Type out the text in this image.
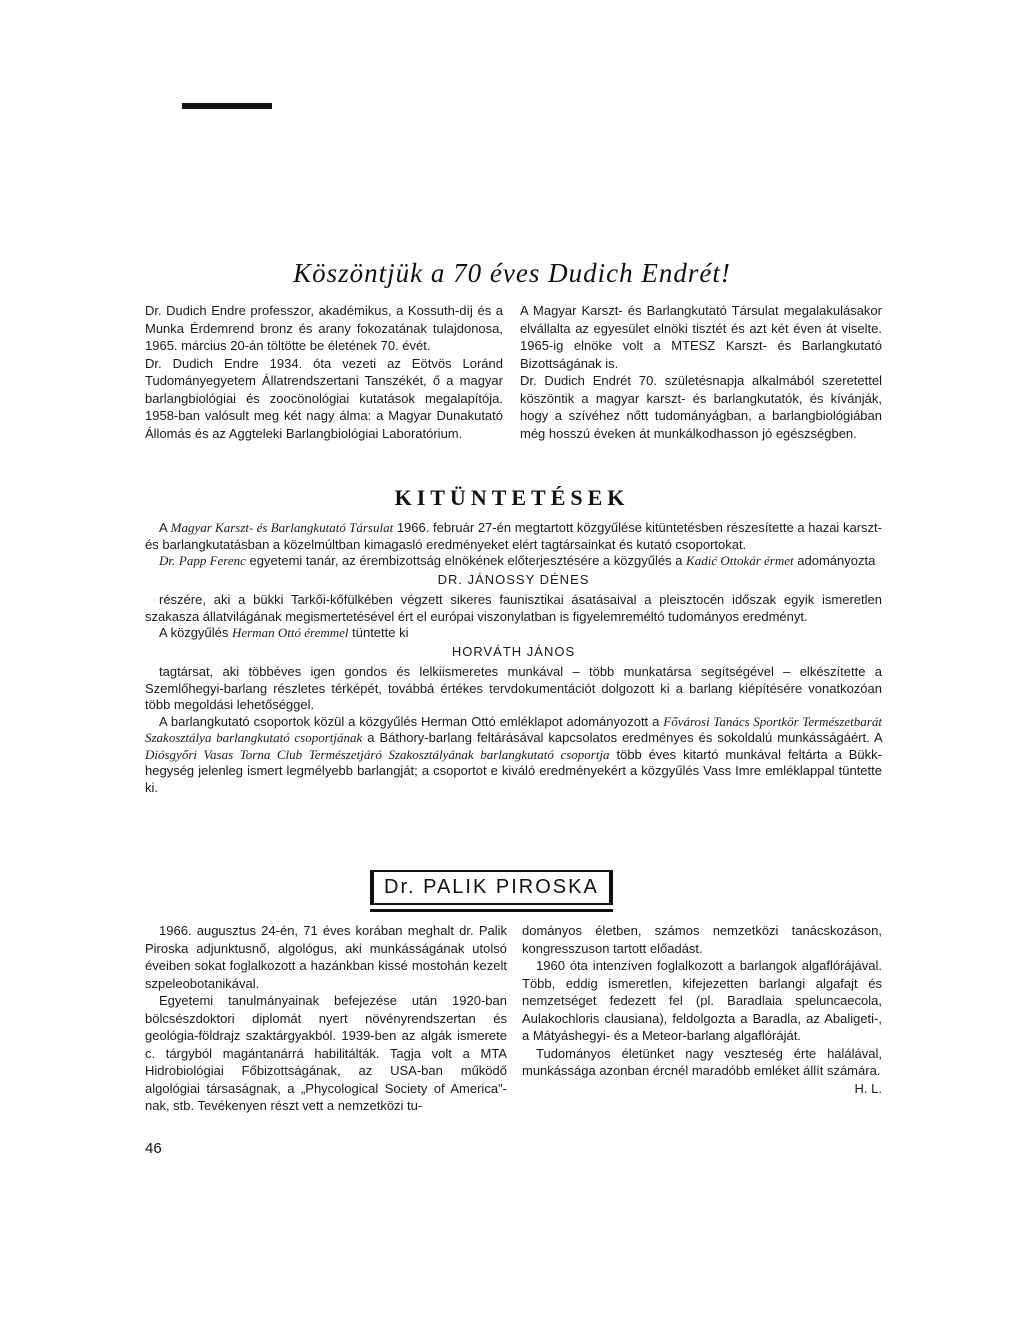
Köszöntjük a 70 éves Dudich Endrét!

Dr. Dudich Endre professzor, akadémikus, a Kossuth-díj és a Munka Érdemrend bronz és arany fokozatának tulajdonosa, 1965. március 20-án töltötte be életének 70. évét.

Dr. Dudich Endre 1934. óta vezeti az Eötvös Loránd Tudományegyetem Állatrendszertani Tanszékét, ő a magyar barlangbiológiai és zoocönológiai kutatások megalapítója. 1958-ban valósult meg két nagy álma: a Magyar Dunakutató Állomás és az Aggteleki Barlangbiológiai Laboratórium.

A Magyar Karszt- és Barlangkutató Társulat megalakulásakor elvállalta az egyesület elnöki tisztét és azt két éven át viselte. 1965-ig elnöke volt a MTESZ Karszt- és Barlangkutató Bizottságának is.

Dr. Dudich Endrét 70. születésnapja alkalmából szeretettel köszöntik a magyar karszt- és barlangkutatók, és kívánják, hogy a szívéhez nőtt tudományágban, a barlangbiológiában még hosszú éveken át munkálkodhasson jó egészségben.

KITÜNTETÉSEK

A Magyar Karszt- és Barlangkutató Társulat 1966. február 27-én megtartott közgyűlése kitüntetésben részesítette a hazai karszt- és barlangkutatásban a közelmúltban kimagasló eredményeket elért tagtársainkat és kutató csoportokat.

Dr. Papp Ferenc egyetemi tanár, az érembizottság elnökének előterjesztésére a közgyűlés a Kadić Ottokár érmet adományozta

DR. JÁNOSSY DÉNES

részére, aki a bükki Tarkői-kőfülkében végzett sikeres faunisztikai ásatásaival a pleisztocén időszak egyik ismeretlen szakasza állatvilágának megismertetésével ért el európai viszonylatban is figyelemreméltó tudományos eredményt.

A közgyűlés Herman Ottó éremmel tüntette ki

HORVÁTH JÁNOS

tagtársat, aki többéves igen gondos és lelkiismeretes munkával – több munkatársa segítségével – elkészítette a Szemlőhegyi-barlang részletes térképét, továbbá értékes tervdokumentációt dolgozott ki a barlang kiépítésére vonatkozóan több megoldási lehetőséggel.

A barlangkutató csoportok közül a közgyűlés Herman Ottó emléklapot adományozott a Fővárosi Tanács Sportkör Természetbarát Szakosztálya barlangkutató csoportjának a Báthory-barlang feltárásával kapcsolatos eredményes és sokoldalú munkásságáért. A Diósgyőri Vasas Torna Club Természetjáró Szakosztályának barlangkutató csoportja több éves kitartó munkával feltárta a Bükk-hegység jelenleg ismert legmélyebb barlangját; a csoportot e kiváló eredményekért a közgyűlés Vass Imre emléklappal tüntette ki.

Dr. PALIK PIROSKA

1966. augusztus 24-én, 71 éves korában meghalt dr. Palik Piroska adjunktusnő, algológus, aki munkásságának utolsó éveiben sokat foglalkozott a hazánkban kissé mostohán kezelt szpeleobotanikával.

Egyetemi tanulmányainak befejezése után 1920-ban bölcsészdoktori diplomát nyert növényrendszertan és geológia-földrajz szaktárgyakból. 1939-ben az algák ismerete c. tárgyból magántanárrá habilitálták. Tagja volt a MTA Hidrobiológiai Főbizottságának, az USA-ban működő algológiai társaságnak, a „Phycological Society of America"-nak, stb. Tevékenyen részt vett a nemzetközi tu-

dományos életben, számos nemzetközi tanácskozáson, kongresszuson tartott előadást.

1960 óta intenzíven foglalkozott a barlangok algaflórájával. Több, eddig ismeretlen, kifejezetten barlangi algafajt és nemzetséget fedezett fel (pl. Baradlaia speluncaecola, Aulakochloris clausiana), feldolgozta a Baradla, az Abaligeti-, a Mátyáshegyi- és a Meteor-barlang algaflóráját.

Tudományos életünket nagy veszteség érte halálával, munkássága azonban ércnél maradóbb emléket állít számára.

H. L.

46
